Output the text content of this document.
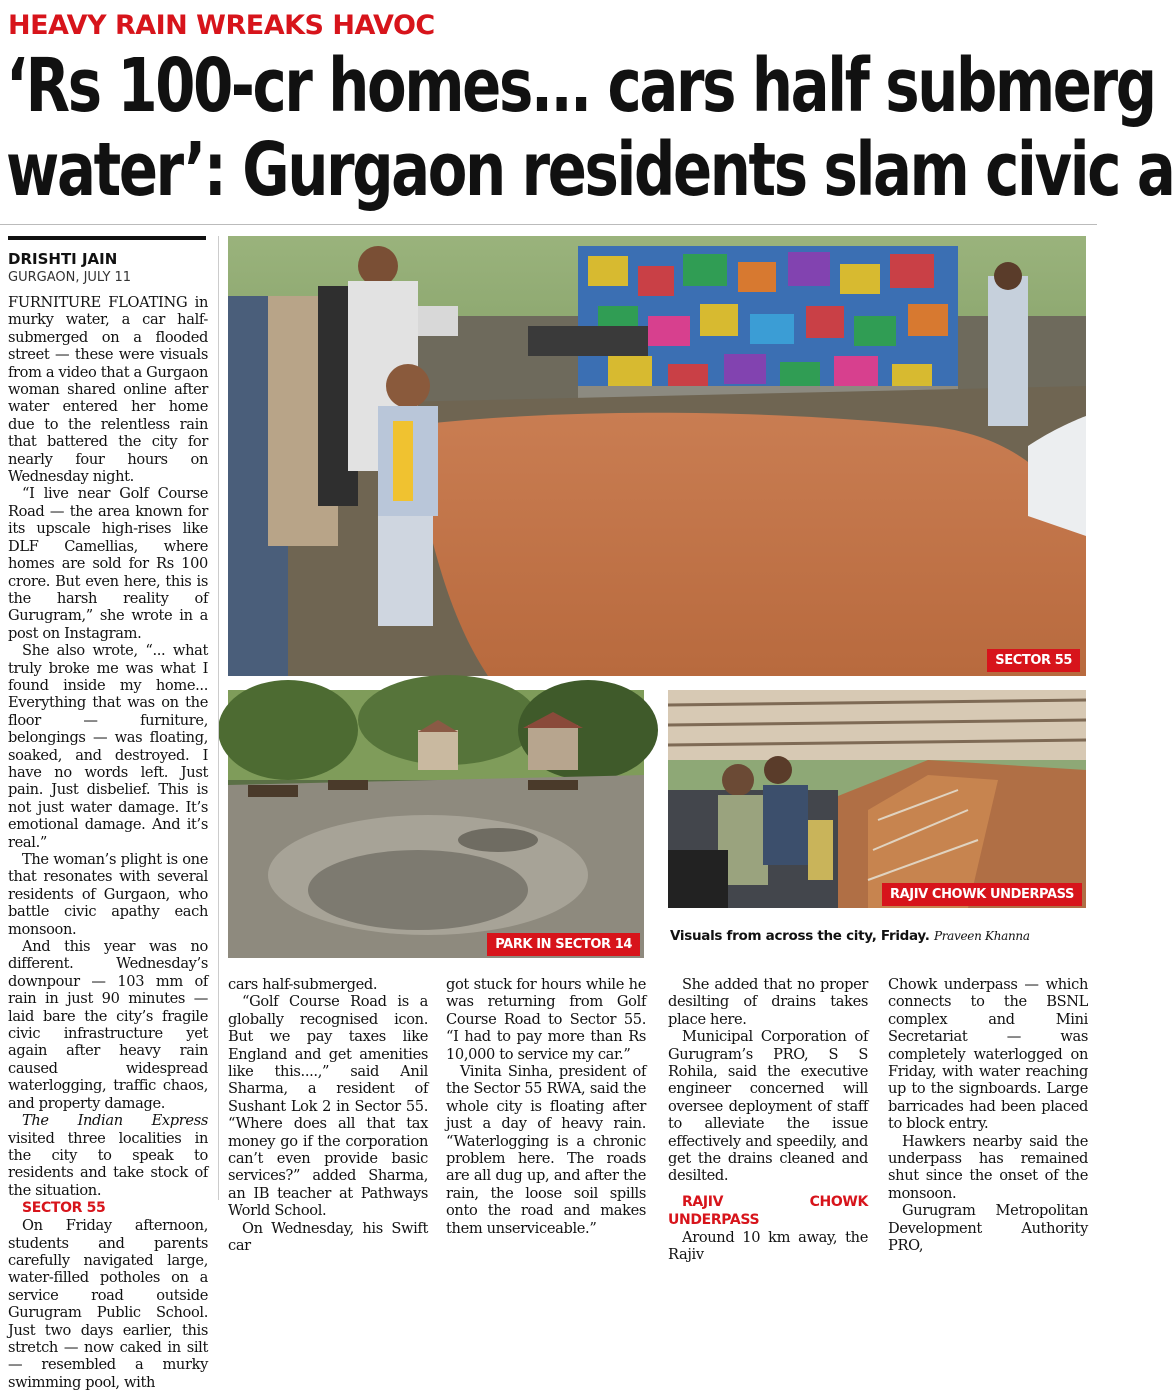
HEAVY RAIN WREAKS HAVOC
‘Rs 100-cr homes... cars half submerg
water’: Gurgaon residents slam civic a
DRISHTI JAIN
GURGAON, JULY 11

FURNITURE FLOATING in murky water, a car half-submerged on a flooded street — these were visuals from a video that a Gurgaon woman shared online after water entered her home due to the relentless rain that battered the city for nearly four hours on Wednesday night.

“I live near Golf Course Road — the area known for its upscale high-rises like DLF Camellias, where homes are sold for Rs 100 crore. But even here, this is the harsh reality of Gurugram,” she wrote in a post on Instagram.

She also wrote, “... what truly broke me was what I found inside my home... Everything that was on the floor — furniture, belongings — was floating, soaked, and destroyed. I have no words left. Just pain. Just disbelief. This is not just water damage. It’s emotional damage. And it’s real.”

The woman’s plight is one that resonates with several residents of Gurgaon, who battle civic apathy each monsoon.

And this year was no different. Wednesday’s downpour — 103 mm of rain in just 90 minutes — laid bare the city’s fragile civic infrastructure yet again after heavy rain caused widespread waterlogging, traffic chaos, and property damage.

The Indian Express visited three localities in the city to speak to residents and take stock of the situation.

SECTOR 55

On Friday afternoon, students and parents carefully navigated large, water-filled potholes on a service road outside Gurugram Public School. Just two days earlier, this stretch — now caked in silt — resembled a murky swimming pool, with

SECTOR 55
PARK IN SECTOR 14
RAJIV CHOWK UNDERPASS
Visuals from across the city, Friday. Praveen Khanna

cars half-submerged.

“Golf Course Road is a globally recognised icon. But we pay taxes like England and get amenities like this....,” said Anil Sharma, a resident of Sushant Lok 2 in Sector 55. “Where does all that tax money go if the corporation can’t even provide basic services?” added Sharma, an IB teacher at Pathways World School.

On Wednesday, his Swift car

got stuck for hours while he was returning from Golf Course Road to Sector 55. “I had to pay more than Rs 10,000 to service my car.”

Vinita Sinha, president of the Sector 55 RWA, said the whole city is floating after just a day of heavy rain. “Waterlogging is a chronic problem here. The roads are all dug up, and after the rain, the loose soil spills onto the road and makes them unserviceable.”

She added that no proper desilting of drains takes place here.

Municipal Corporation of Gurugram’s PRO, S S Rohila, said the executive engineer concerned will oversee deployment of staff to alleviate the issue effectively and speedily, and get the drains cleaned and desilted.

RAJIV CHOWK UNDERPASS

Around 10 km away, the Rajiv

Chowk underpass — which connects to the BSNL complex and Mini Secretariat — was completely waterlogged on Friday, with water reaching up to the signboards. Large barricades had been placed to block entry.

Hawkers nearby said the underpass has remained shut since the onset of the monsoon.

Gurugram Metropolitan Development Authority PRO,
